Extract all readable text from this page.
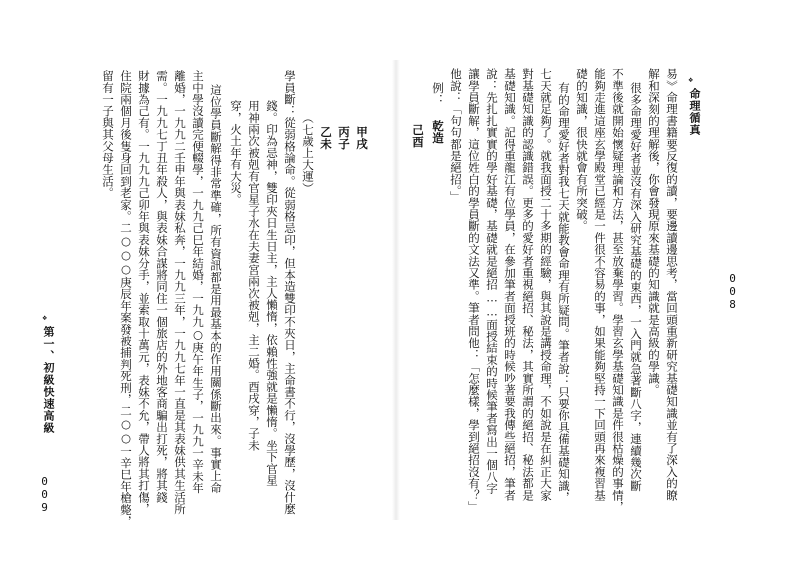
命理循真
❖
008
易》命理書籍要反復的讀，要邊讀邊思考，當回頭重新研究基礎知識並有了深入的瞭
解和深刻的理解後，你會發現原來基礎的知識就是高級的學識。
很多命理愛好者並沒有深入研究基礎的東西，一入門就急著斷八字，連續幾次斷
不準後就開始懷疑理論和方法，甚至放棄學習。學習玄學基礎知識是件很枯燥的事情，
能夠走進這座玄學殿堂已經是一件很不容易的事，如果能夠堅持一下回頭再來複習基
礎的知識，很快就會有所突破。
有的命理愛好者對我七天就能教會命理有所疑問。筆者說：只要你具備基礎知識，
七天就足夠了。就我面授二十多期的經驗，與其說是講授命理，不如說是在糾正大家
對基礎知識的認識錯誤。更多的愛好者重視絕招、秘法，其實所謂的絕招、秘法都是
基礎知識。記得重龍江有位學員，在參加筆者面授班的時候吵著要我傳些絕招，筆者
說：先扎扎實實的學好基礎，基礎就是絕招……面授結束的時候筆者寫出一個八字
讓學員斷解，這位姓白的學員斷的文法又準。筆者問他：「怎麼樣，學到絕招沒有？」
他說：「句句都是絕招。」
例：
乾造
己酉
第一、初級快速高級
❖
009
甲戌
丙子
乙未
（七歲上大運）
學員斷：從弱格論命。從弱格忌印，但本造雙印不夾日，主命書不行，沒學歷，沒什麼
錢。印為忌神，雙印夾日生日主，主人懶惰，依賴性強就是懶惰。坐下官星
用神兩次被剋有官星子水在夫妻宮兩次被剋，主二婚。酉戌穿，子未
穿，火土年有大災。
這位學員斷解得非常準確，所有資訊都是用最基本的作用關係斷出來。事實上命
主中學沒讀完便輟學，一九九己巳年結婚，一九九○庚午年生子，一九九一辛未年
離婚，一九九二壬申年與表妹私奔，一九九三年，一九九七年一直是其表妹供其生活所
需。一九九七丁丑年殺人，與表妹合謀將同住一個旅店的外地客商騙出打死，將其錢
財據為己有。一九九九己卯年與表妹分手，並索取十萬元，表妹不允，帶人將其打傷，
住院兩個月後隻身回到老家。二○○○庚辰年案發被捕判死刑，二○○一辛巳年槍斃，
留有一子與其父母生活。
